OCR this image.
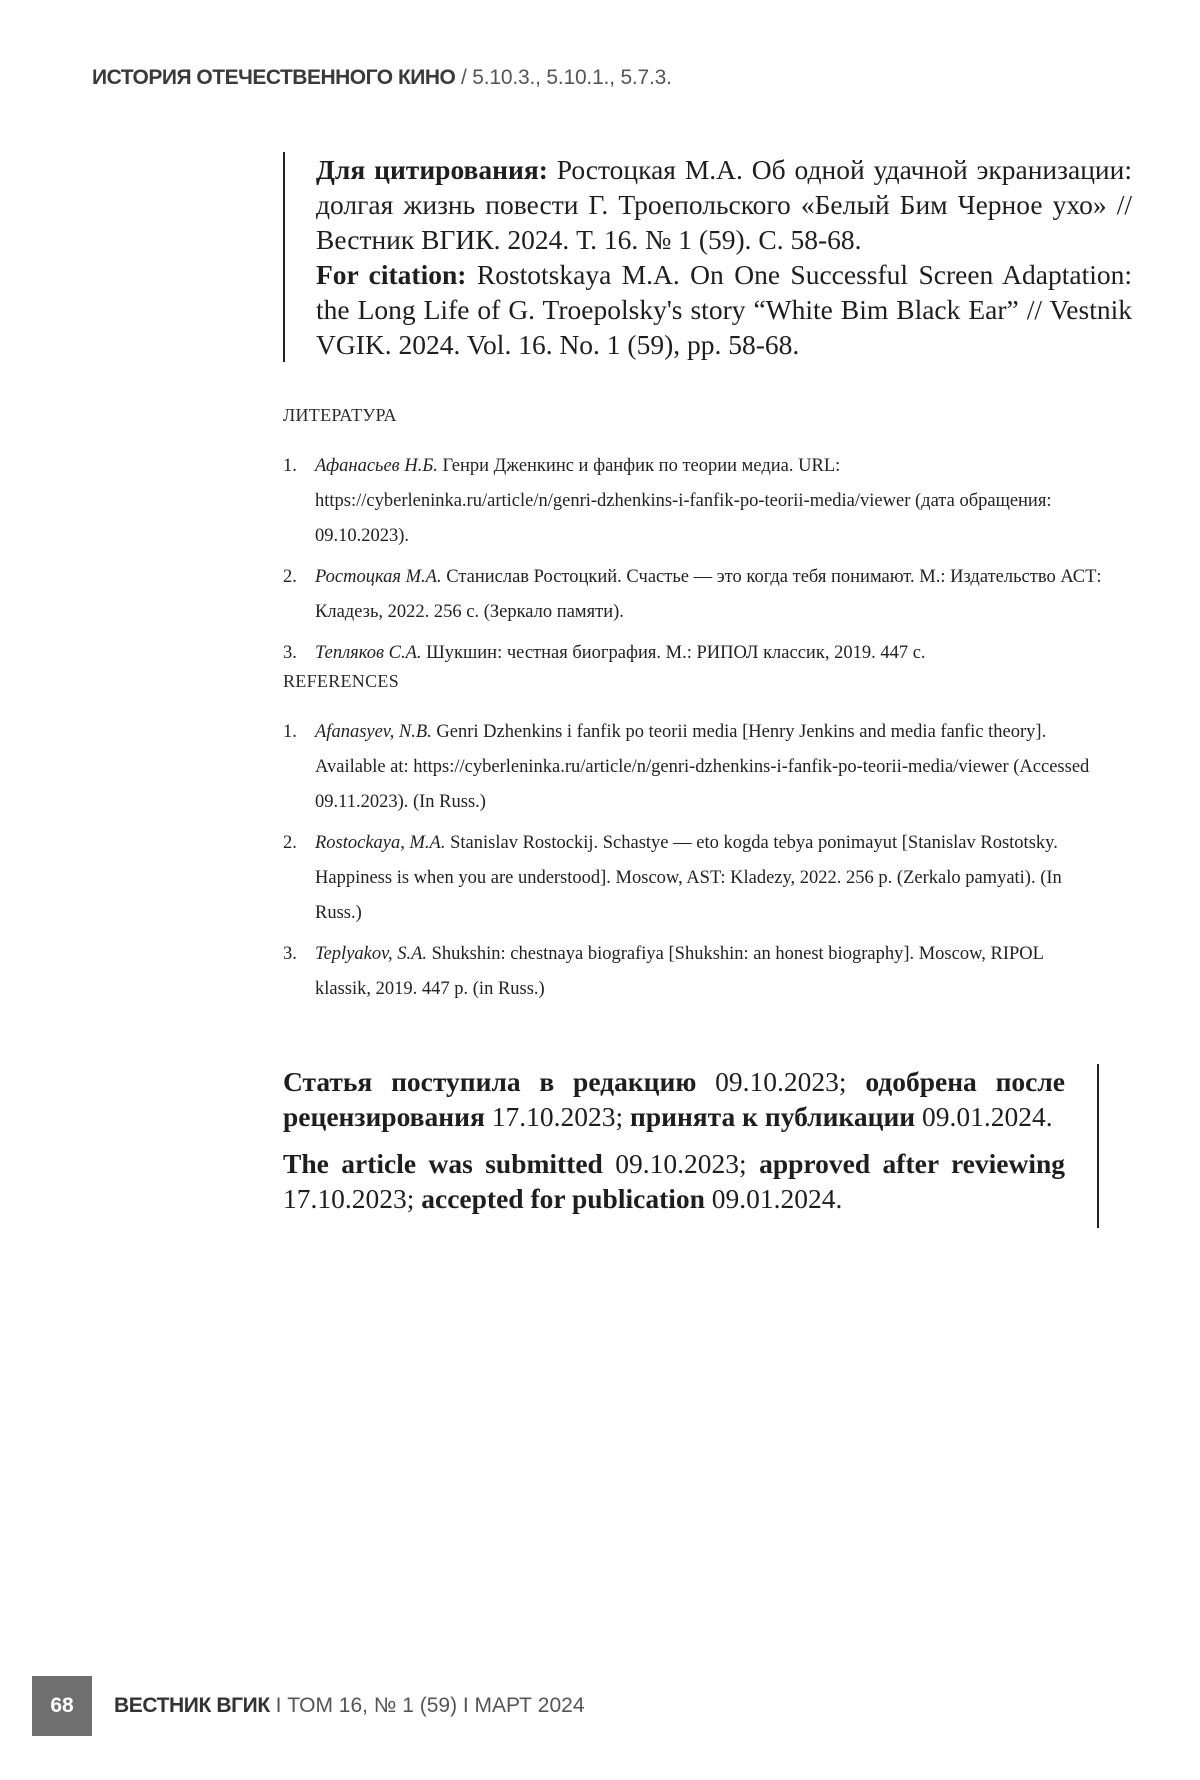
ИСТОРИЯ ОТЕЧЕСТВЕННОГО КИНО / 5.10.3., 5.10.1., 5.7.3.

Для цитирования: Ростоцкая М.А. Об одной удачной экранизации: долгая жизнь повести Г. Троепольского «Белый Бим Черное ухо» // Вестник ВГИК. 2024. Т. 16. № 1 (59). С. 58-68.

For citation: Rostotskaya M.A. On One Successful Screen Adaptation: the Long Life of G. Troepolsky's story “White Bim Black Ear” // Vestnik VGIK. 2024. Vol. 16. No. 1 (59), pp. 58-68.

ЛИТЕРАТУРА
1. Афанасьев Н.Б. Генри Дженкинс и фанфик по теории медиа. URL: https://cyberleninka.ru/article/n/genri-dzhenkins-i-fanfik-po-teorii-media/viewer (дата обращения: 09.10.2023).
2. Ростоцкая М.А. Станислав Ростоцкий. Счастье — это когда тебя понимают. М.: Издательство АСТ: Кладезь, 2022. 256 с. (Зеркало памяти).
3. Тепляков С.А. Шукшин: честная биография. М.: РИПОЛ классик, 2019. 447 с.
REFERENCES
1. Afanasyev, N.B. Genri Dzhenkins i fanfik po teorii media [Henry Jenkins and media fanfic theory]. Available at: https://cyberleninka.ru/article/n/genri-dzhenkins-i-fanfik-po-teorii-media/viewer (Accessed 09.11.2023). (In Russ.)
2. Rostockaya, M.A. Stanislav Rostockij. Schastye — eto kogda tebya ponimayut [Stanislav Rostotsky. Happiness is when you are understood]. Moscow, AST: Kladezy, 2022. 256 p. (Zerkalo pamyati). (In Russ.)
3. Teplyakov, S.A. Shukshin: chestnaya biografiya [Shukshin: an honest biography]. Moscow, RIPOL klassik, 2019. 447 p. (in Russ.)

Статья поступила в редакцию 09.10.2023; одобрена после рецензирования 17.10.2023; принята к публикации 09.01.2024.

The article was submitted 09.10.2023; approved after reviewing 17.10.2023; accepted for publication 09.01.2024.

68	ВЕСТНИК ВГИК I ТОМ 16, № 1 (59) I МАРТ 2024
